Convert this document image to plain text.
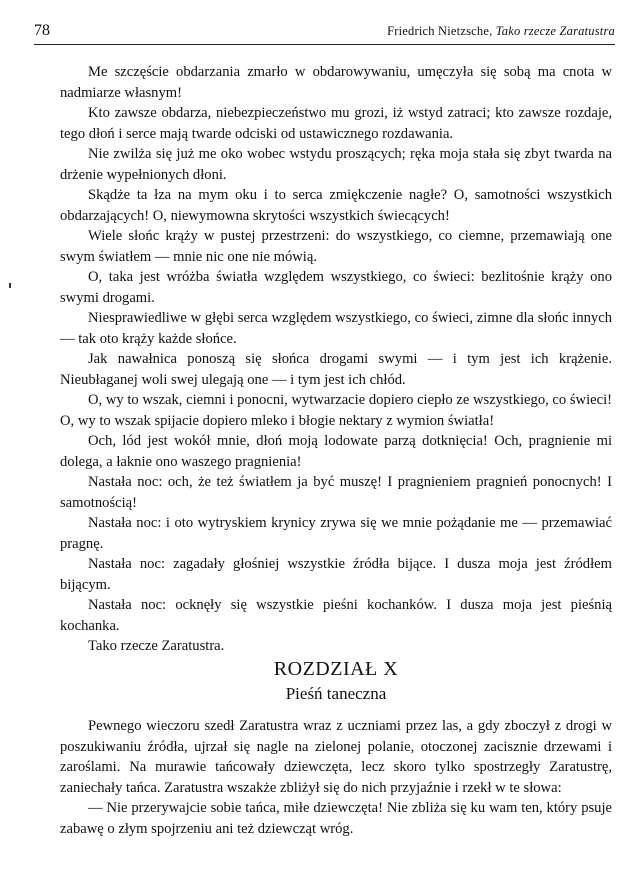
78	Friedrich Nietzsche, Tako rzecze Zaratustra

Me szczęście obdarzania zmarło w obdarowywaniu, umęczyła się sobą ma cnota w nadmiarze własnym!

Kto zawsze obdarza, niebezpieczeństwo mu grozi, iż wstyd zatraci; kto zawsze rozdaje, tego dłoń i serce mają twarde odciski od ustawicznego rozdawania.

Nie zwilża się już me oko wobec wstydu proszących; ręka moja stała się zbyt twarda na drżenie wypełnionych dłoni.

Skądże ta łza na mym oku i to serca zmiękczenie nagłe? O, samotności wszystkich obdarzających! O, niewymowna skrytości wszystkich świecących!

Wiele słońc krąży w pustej przestrzeni: do wszystkiego, co ciemne, przemawiają one swym światłem — mnie nic one nie mówią.

O, taka jest wróżba światła względem wszystkiego, co świeci: bezlitośnie krąży ono swymi drogami.

Niesprawiedliwe w głębi serca względem wszystkiego, co świeci, zimne dla słońc innych — tak oto krąży każde słońce.

Jak nawałnica ponoszą się słońca drogami swymi — i tym jest ich krążenie. Nieubłaganej woli swej ulegają one — i tym jest ich chłód.

O, wy to wszak, ciemni i ponocni, wytwarzacie dopiero ciepło ze wszystkiego, co świeci! O, wy to wszak spijacie dopiero mleko i błogie nektary z wymion światła!

Och, lód jest wokół mnie, dłoń moją lodowate parzą dotknięcia! Och, pragnienie mi dolega, a łaknie ono waszego pragnienia!

Nastała noc: och, że też światłem ja być muszę! I pragnieniem pragnień ponocnych! I samotnością!

Nastała noc: i oto wytryskiem krynicy zrywa się we mnie pożądanie me — przemawiać pragnę.

Nastała noc: zagadały głośniej wszystkie źródła bijące. I dusza moja jest źródłem bijącym.

Nastała noc: ocknęły się wszystkie pieśni kochanków. I dusza moja jest pieśnią kochanka.

Tako rzecze Zaratustra.

ROZDZIAŁ X
Pieśń taneczna

Pewnego wieczoru szedł Zaratustra wraz z uczniami przez las, a gdy zboczył z drogi w poszukiwaniu źródła, ujrzał się nagle na zielonej polanie, otoczonej zacisznie drzewami i zaroślami. Na murawie tańcowały dziewczęta, lecz skoro tylko spostrzegły Zaratustrę, zaniechały tańca. Zaratustra wszakże zbliżył się do nich przyjaźnie i rzekł w te słowa:

— Nie przerywajcie sobie tańca, miłe dziewczęta! Nie zbliża się ku wam ten, który psuje zabawę o złym spojrzeniu ani też dziewcząt wróg.
